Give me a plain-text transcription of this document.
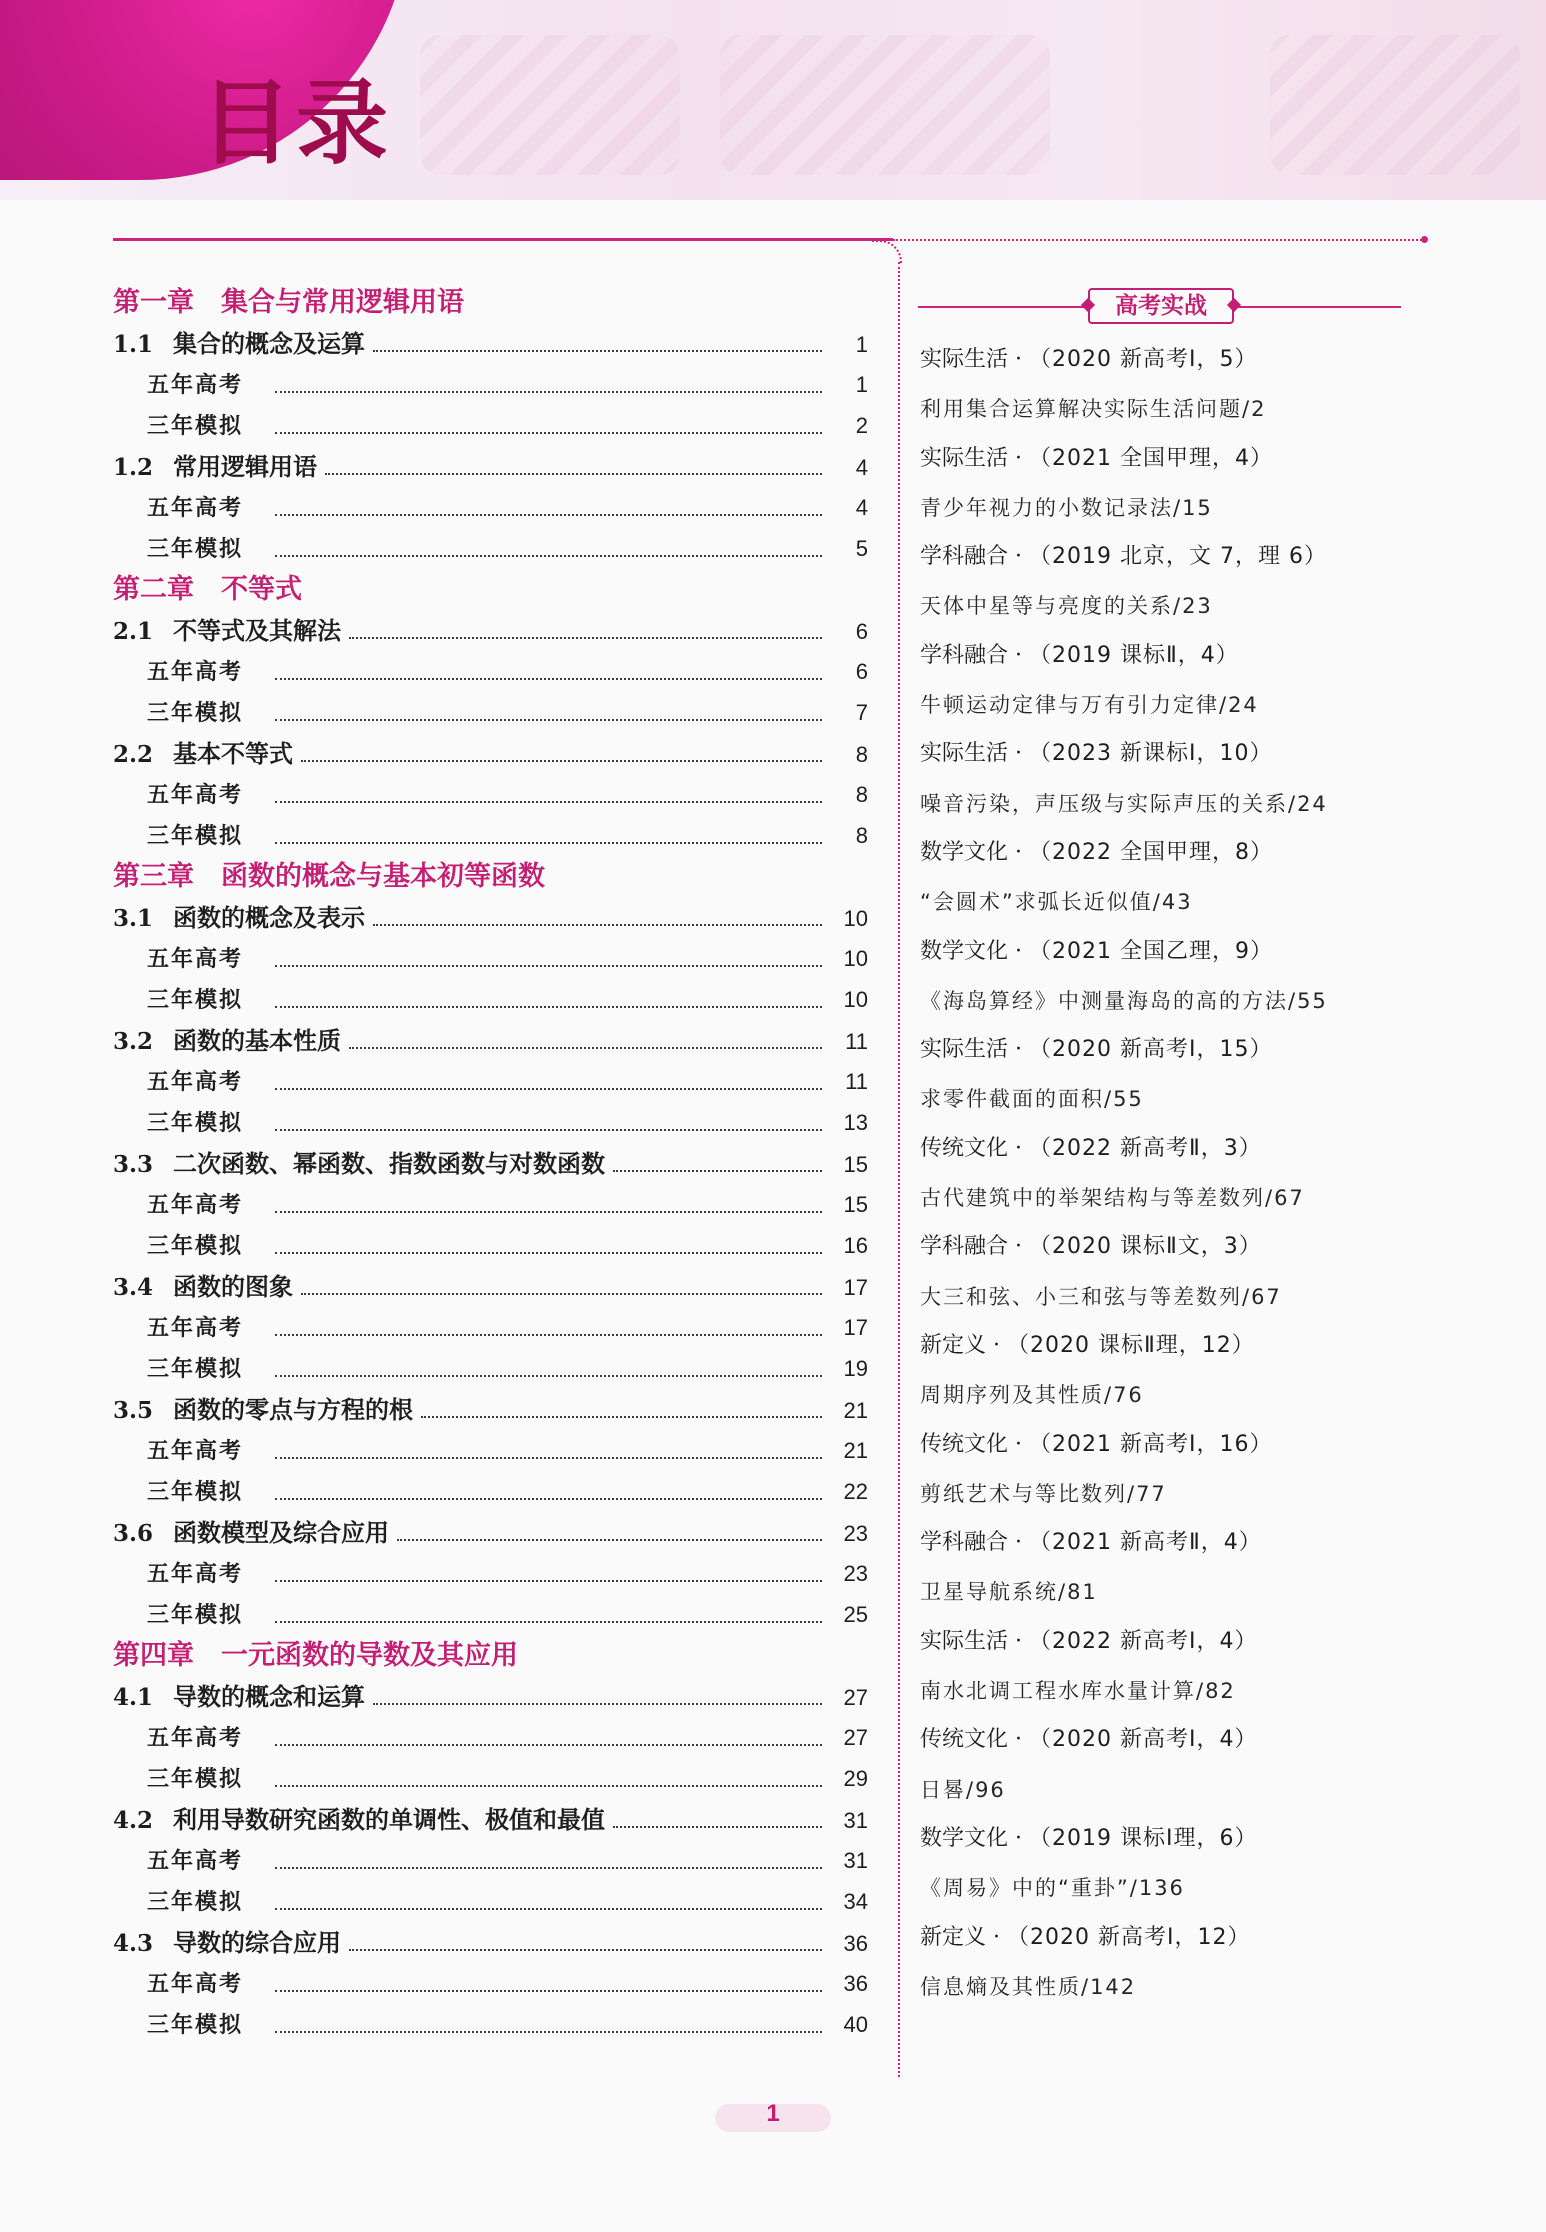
目录
第一章　集合与常用逻辑用语
1.1 集合的概念及运算	1
五年高考	1
三年模拟	2
1.2 常用逻辑用语	4
五年高考	4
三年模拟	5
第二章　不等式
2.1 不等式及其解法	6
五年高考	6
三年模拟	7
2.2 基本不等式	8
五年高考	8
三年模拟	8
第三章　函数的概念与基本初等函数
3.1 函数的概念及表示	10
五年高考	10
三年模拟	10
3.2 函数的基本性质	11
五年高考	11
三年模拟	13
3.3 二次函数、幂函数、指数函数与对数函数	15
五年高考	15
三年模拟	16
3.4 函数的图象	17
五年高考	17
三年模拟	19
3.5 函数的零点与方程的根	21
五年高考	21
三年模拟	22
3.6 函数模型及综合应用	23
五年高考	23
三年模拟	25
第四章　一元函数的导数及其应用
4.1 导数的概念和运算	27
五年高考	27
三年模拟	29
4.2 利用导数研究函数的单调性、极值和最值	31
五年高考	31
三年模拟	34
4.3 导数的综合应用	36
五年高考	36
三年模拟	40
高考实战
实际生活 · （2020 新高考Ⅰ，5）
利用集合运算解决实际生活问题/2
实际生活 · （2021 全国甲理，4）
青少年视力的小数记录法/15
学科融合 · （2019 北京，文 7，理 6）
天体中星等与亮度的关系/23
学科融合 · （2019 课标Ⅱ，4）
牛顿运动定律与万有引力定律/24
实际生活 · （2023 新课标Ⅰ，10）
噪音污染，声压级与实际声压的关系/24
数学文化 · （2022 全国甲理，8）
“会圆术”求弧长近似值/43
数学文化 · （2021 全国乙理，9）
《海岛算经》中测量海岛的高的方法/55
实际生活 · （2020 新高考Ⅰ，15）
求零件截面的面积/55
传统文化 · （2022 新高考Ⅱ，3）
古代建筑中的举架结构与等差数列/67
学科融合 · （2020 课标Ⅱ文，3）
大三和弦、小三和弦与等差数列/67
新定义 · （2020 课标Ⅱ理，12）
周期序列及其性质/76
传统文化 · （2021 新高考Ⅰ，16）
剪纸艺术与等比数列/77
学科融合 · （2021 新高考Ⅱ，4）
卫星导航系统/81
实际生活 · （2022 新高考Ⅰ，4）
南水北调工程水库水量计算/82
传统文化 · （2020 新高考Ⅰ，4）
日晷/96
数学文化 · （2019 课标Ⅰ理，6）
《周易》中的“重卦”/136
新定义 · （2020 新高考Ⅰ，12）
信息熵及其性质/142
1
